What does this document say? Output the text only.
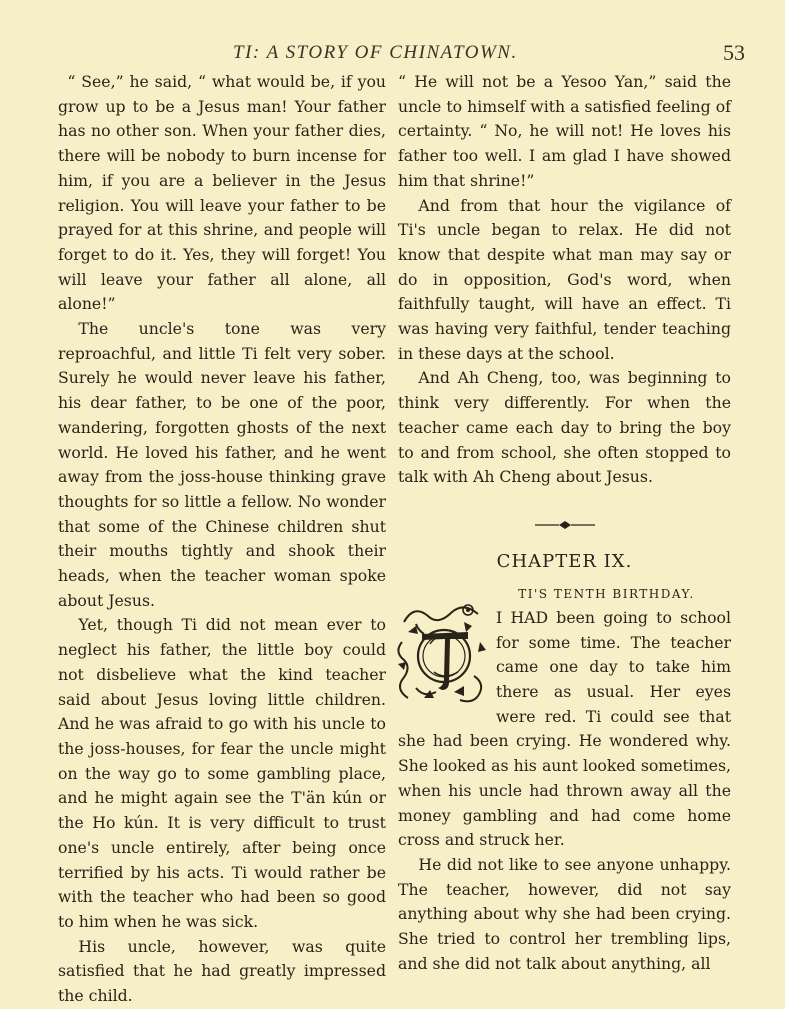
TI: A STORY OF CHINATOWN.	53

“ See,” he said, “ what would be, if you grow up to be a Jesus man! Your father has no other son. When your father dies, there will be nobody to burn incense for him, if you are a believer in the Jesus religion. You will leave your father to be prayed for at this shrine, and people will forget to do it. Yes, they will forget! You will leave your father all alone, all alone!”

The uncle's tone was very reproachful, and little Ti felt very sober. Surely he would never leave his father, his dear father, to be one of the poor, wandering, forgotten ghosts of the next world. He loved his father, and he went away from the joss-house thinking grave thoughts for so little a fellow. No wonder that some of the Chinese children shut their mouths tightly and shook their heads, when the teacher woman spoke about Jesus.

Yet, though Ti did not mean ever to neglect his father, the little boy could not disbelieve what the kind teacher said about Jesus loving little children. And he was afraid to go with his uncle to the joss-houses, for fear the uncle might on the way go to some gambling place, and he might again see the T'än kún or the Ho kún. It is very difficult to trust one's uncle entirely, after being once terrified by his acts. Ti would rather be with the teacher who had been so good to him when he was sick.

His uncle, however, was quite satisfied that he had greatly impressed the child.

“ He will not be a Yesoo Yan,” said the uncle to himself with a satisfied feeling of certainty. “ No, he will not! He loves his father too well. I am glad I have showed him that shrine!”

And from that hour the vigilance of Ti's uncle began to relax. He did not know that despite what man may say or do in opposition, God's word, when faithfully taught, will have an effect. Ti was having very faithful, tender teaching in these days at the school.

And Ah Cheng, too, was beginning to think very differently. For when the teacher came each day to bring the boy to and from school, she often stopped to talk with Ah Cheng about Jesus.

CHAPTER IX.
TI'S TENTH BIRTHDAY.

I HAD been going to school for some time. The teacher came one day to take him there as usual. Her eyes were red. Ti could see that she had been crying. He wondered why. She looked as his aunt looked sometimes, when his uncle had thrown away all the money gambling and had come home cross and struck her.

He did not like to see anyone unhappy. The teacher, however, did not say anything about why she had been crying. She tried to control her trembling lips, and she did not talk about anything, all
